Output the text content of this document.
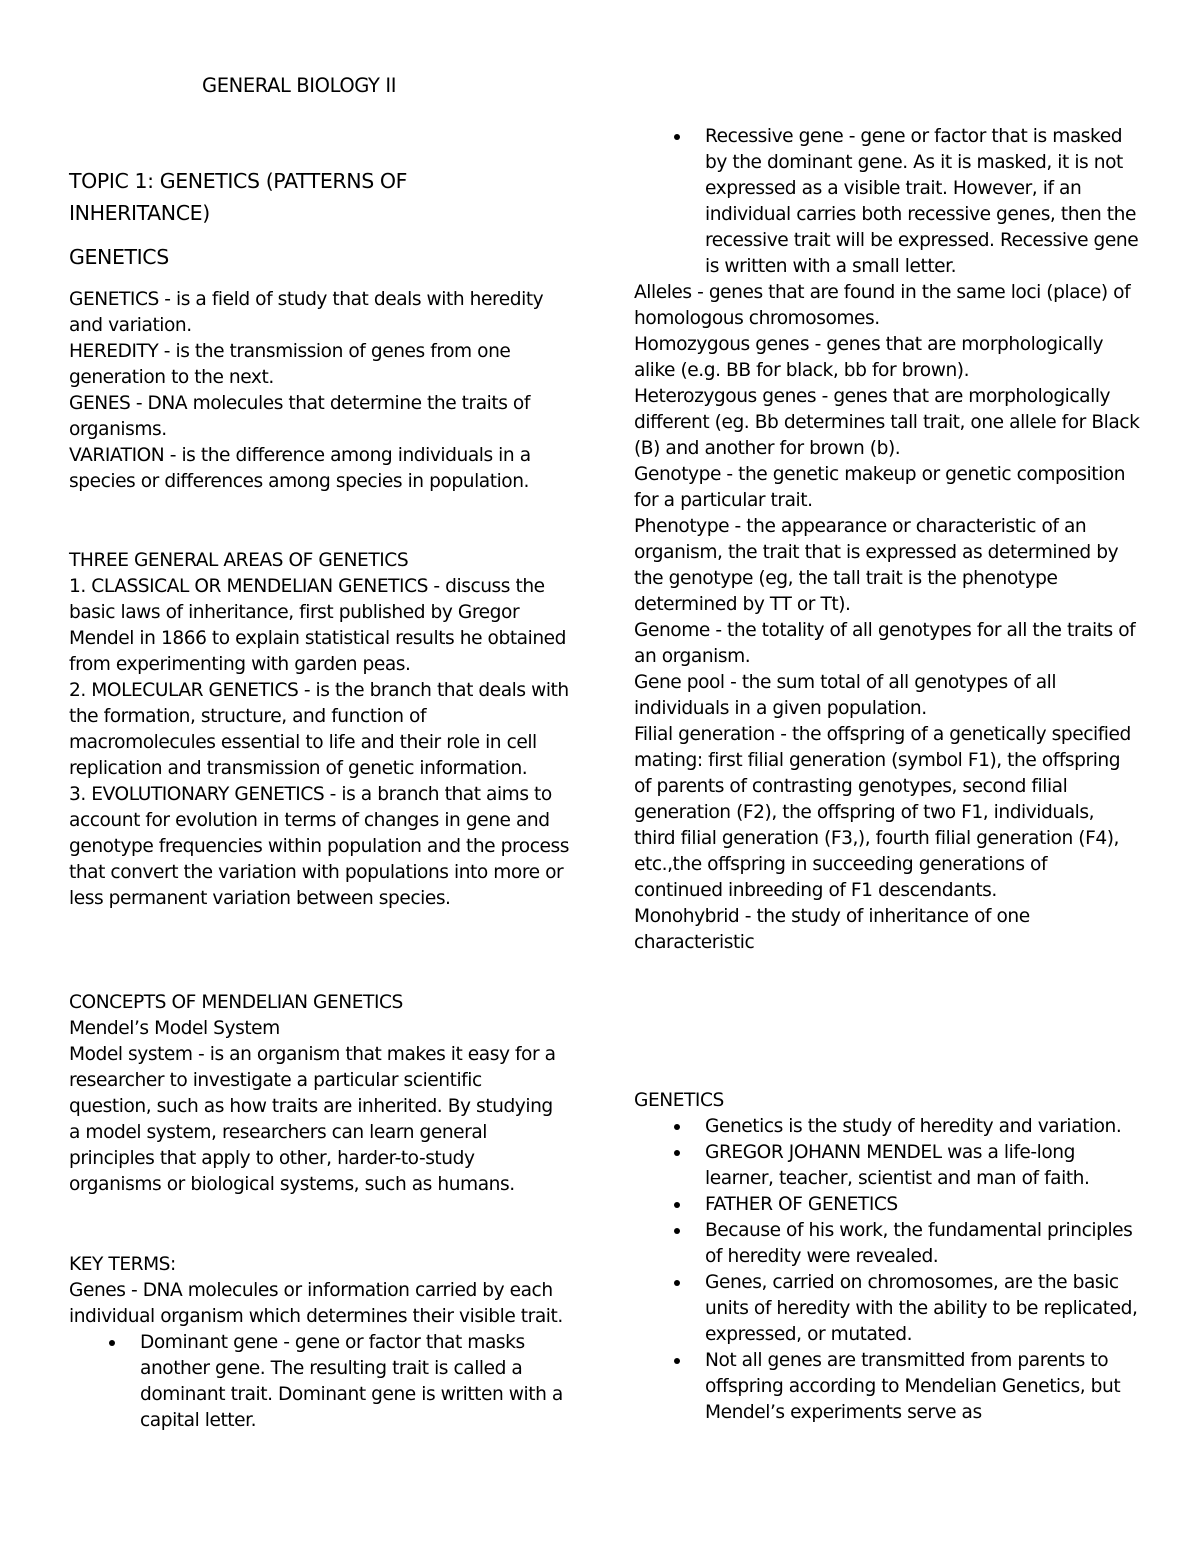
GENERAL BIOLOGY II
TOPIC 1: GENETICS (PATTERNS OF INHERITANCE)
GENETICS

GENETICS - is a field of study that deals with heredity and variation.

HEREDITY - is the transmission of genes from one generation to the next.

GENES - DNA molecules that determine the traits of organisms.

VARIATION - is the difference among individuals in a species or differences among species in population.

THREE GENERAL AREAS OF GENETICS

1. CLASSICAL OR MENDELIAN GENETICS - discuss the basic laws of inheritance, first published by Gregor Mendel in 1866 to explain statistical results he obtained from experimenting with garden peas.

2. MOLECULAR GENETICS - is the branch that deals with the formation, structure, and function of macromolecules essential to life and their role in cell replication and transmission of genetic information.

3. EVOLUTIONARY GENETICS - is a branch that aims to account for evolution in terms of changes in gene and genotype frequencies within population and the process that convert the variation with populations into more or less permanent variation between species.

CONCEPTS OF MENDELIAN GENETICS

Mendel’s Model System

Model system - is an organism that makes it easy for a researcher to investigate a particular scientific question, such as how traits are inherited. By studying a model system, researchers can learn general principles that apply to other, harder-to-study organisms or biological systems, such as humans.

KEY TERMS:

Genes - DNA molecules or information carried by each individual organism which determines their visible trait.

Dominant gene - gene or factor that masks another gene. The resulting trait is called a dominant trait. Dominant gene is written with a capital letter.
Recessive gene - gene or factor that is masked by the dominant gene. As it is masked, it is not expressed as a visible trait. However, if an individual carries both recessive genes, then the recessive trait will be expressed. Recessive gene is written with a small letter.

Alleles - genes that are found in the same loci (place) of homologous chromosomes.

Homozygous genes - genes that are morphologically alike (e.g. BB for black, bb for brown).

Heterozygous genes - genes that are morphologically different (eg. Bb determines tall trait, one allele for Black (B) and another for brown (b).

Genotype - the genetic makeup or genetic composition for a particular trait.

Phenotype - the appearance or characteristic of an organism, the trait that is expressed as determined by the genotype (eg, the tall trait is the phenotype determined by TT or Tt).

Genome - the totality of all genotypes for all the traits of an organism.

Gene pool - the sum total of all genotypes of all individuals in a given population.

Filial generation - the offspring of a genetically specified mating: first filial generation (symbol F1), the offspring of parents of contrasting genotypes, second filial generation (F2), the offspring of two F1, individuals, third filial generation (F3,), fourth filial generation (F4), etc.,the offspring in succeeding generations of continued inbreeding of F1 descendants.

Monohybrid - the study of inheritance of one characteristic

GENETICS

Genetics is the study of heredity and variation.
GREGOR JOHANN MENDEL was a life-long learner, teacher, scientist and man of faith.
FATHER OF GENETICS
Because of his work, the fundamental principles of heredity were revealed.
Genes, carried on chromosomes, are the basic units of heredity with the ability to be replicated, expressed, or mutated.
Not all genes are transmitted from parents to offspring according to Mendelian Genetics, but Mendel’s experiments serve as
